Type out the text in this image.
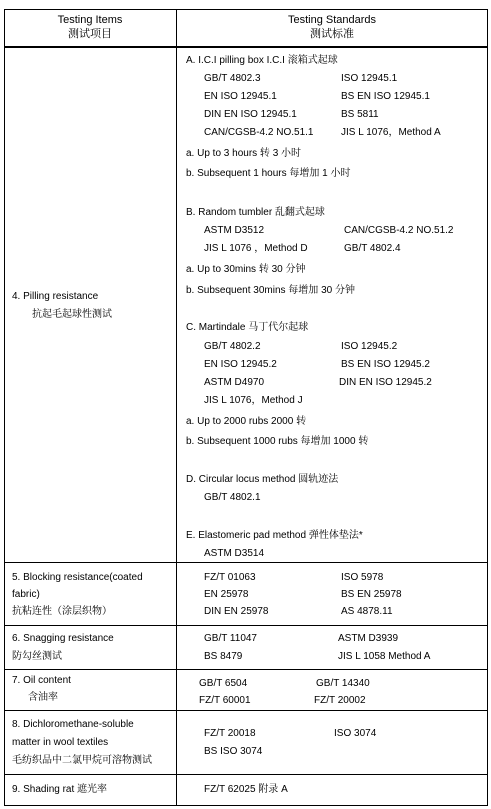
Testing Items
测试项目
Testing Standards
测试标准
4. Pilling resistance
抗起毛起球性测试
A. I.C.I pilling box I.C.I 滚箱式起球
GB/T 4802.3	ISO 12945.1
EN ISO 12945.1	BS EN ISO 12945.1
DIN EN ISO 12945.1	BS 5811
CAN/CGSB-4.2 NO.51.1	JIS L 1076，Method A
a. Up to 3 hours 转 3 小时
b. Subsequent 1 hours 每增加 1 小时
B. Random tumbler 乱翻式起球
ASTM D3512	CAN/CGSB-4.2 NO.51.2
JIS L 1076 ，Method D	GB/T 4802.4
a. Up to 30mins 转 30 分钟
b. Subsequent 30mins 每增加 30 分钟
C. Martindale 马丁代尔起球
GB/T 4802.2	ISO 12945.2
EN ISO 12945.2	BS EN ISO 12945.2
ASTM D4970	DIN EN ISO 12945.2
JIS L 1076，Method J
a. Up to 2000 rubs 2000 转
b. Subsequent 1000 rubs 每增加 1000 转
D. Circular locus method 圆轨迹法
GB/T 4802.1
E. Elastomeric pad method 弹性体垫法*
ASTM D3514
5. Blocking resistance(coated
fabric)
抗粘连性（涂层织物）
FZ/T 01063	ISO 5978
EN 25978	BS EN 25978
DIN EN 25978	AS 4878.11
6. Snagging resistance
防勾丝测试
GB/T 11047	ASTM D3939
BS 8479	JIS L 1058 Method A
7. Oil content
含油率
GB/T 6504	GB/T 14340
FZ/T 60001	FZ/T 20002
8. Dichloromethane-soluble
matter in wool textiles
毛纺织品中二氯甲烷可溶物测试
FZ/T 20018	ISO 3074
BS ISO 3074
9. Shading rat 遮光率	FZ/T 62025 附录 A
